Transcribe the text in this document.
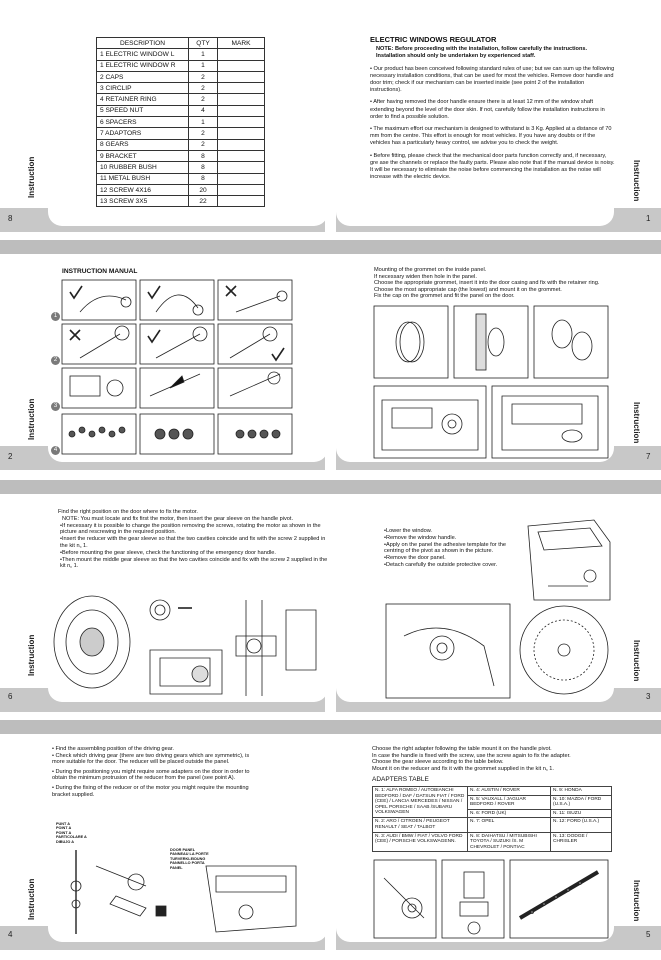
Instruction
8
DESCRIPTION	QTY	MARK
1 ELECTRIC WINDOW L	1	
1 ELECTRIC WINDOW R	1	
2 CAPS	2	
3 CIRCLIP	2	
4 RETAINER RING	2	
5 SPEED NUT	4	
6 SPACERS	1	
7 ADAPTORS	2	
8 GEARS	2	
9 BRACKET	8	
10 RUBBER BUSH	8	
11 METAL BUSH	8	
12 SCREW 4X16	20	
13 SCREW 3X5	22		Instruction
1
ELECTRIC WINDOWS REGULATOR

NOTE: Before proceeding with the installation, follow carefully the instructions. Installation should only be undertaken by experienced staff.

• Our product has been conceived following standard rules of use; but we can sum up the following necessary installation conditions, that can be used for most the vehicles. Remove door handle and door trim; check if our mechanism can be inserted inside (see point 2 of the installation instructions).

• After having removed the door handle ensure there is at least 12 mm of the window shaft extending beyond the level of the door skin. If not, carefully follow the installation instructions in order to find a possible solution.

• The maximum effort our mechanism is designed to withstand is 3 Kg. Applied at a distance of 70 mm from the centre. This effort is enough for most vehicles. If you have any doubts or if the vehicles has a particularly heavy control, we advise you to check the weight.

• Before fitting, please check that the mechanical door parts function correctly and, if necessary, gre ase the channels or replace the faulty parts. Please also note that if the manual device is noisy. It will be necessary to eliminate the noise before commencing the installation as the noise will increase with the electric device.

Instruction
2
INSTRUCTION MANUAL
1
2
3
4
Instruction
7
Mounting of the grommet on the inside panel.
If necessary widen then hole in the panel.
Choose the appropriate grommet, insert it into the door casing and fix with the retainer ring.
Choose the most appropriate cap (the lowest) and mount it on the grommet.
Fix the cap on the grommet and fit the panel on the door.
Instruction
6
Find the right position on the door where to fix the motor.
NOTE: You must locate and fix first the motor, then insert the gear sleeve on the handle pivot.
•If necessary it is possible to change the position removing the screws, rotating the motor as shown in the picture and rescrewing in the required position.
•Insert the reducer with the gear sleeve so that the two cavities coincide and fix with the screw 2 supplied in the kit n„ 1.
•Before mounting the gear sleeve, check the functioning of the emergency door handle.
•Then mount the middle gear sleeve so that the two cavities coincide and fix with the screw 2 supplied in the kit n„ 1.
Instruction
3
•Lower the window.
•Remove the window handle.
•Apply on the panel the adhesive template for the centring of the pivot as shown in the picture.
•Remove the door panel.
•Detach carefully the outside protective cover.
Instruction
4
• Find the assembling position of the driving gear.
• Check which driving gear (there are two driving gears which are symmetric), is more suitable for the door. The reducer will be placed outside the panel.
• During the positioning you might require some adapters on the door in order to obtain the minimum protrusion of the reducer from the panel (see point A).
• During the fixing of the reducer or of the motor you might require the mounting bracket supplied.
PUNT A
POINT A
POINT A
PARTICOLARE A
DIBUJO A
DOOR PANEL
PANNEAU LA PORTE
TURVERKLEIDUNG
PANNELLO PORTA
PANEL
Instruction
5
Choose the right adapter following the table mount it on the handle pivot.
In case the handle is fixed with the screw, use the screw again to fix the adapter.
Choose the gear sleeve according to the table below.
Mount it on the reducer and fix it with the grommet supplied in the kit n„ 1.
ADAPTERS TABLE
N. 1: ALFA ROMEO / AUTOBIANCHI BEDFORD / DAF / DATSUN FIAT / FORD (CEE) / LANCIA MERCEDES / NISSAN / OPEL PORSCHE / SAAB /SUBARU VOLKSWAGEN	N. 4: AUSTIN / ROVER	N. 9: HONDA
	N. 5: VAUXALL / JAGUAR BEDFORD / ROVER	N. 10: MAZDA / FORD (U.S.A.)
	N. 6: FORD (UK)	N. 11: ISUZU
N. 2: ARO / CITROEN / PEUGEOT RENAULT / SEAT / TALBOT	N. 7: OPEL	N. 12: FORD (U.S.A.)
N. 3: AUDI / BMW / FIAT / VOLVO FORD (CEE) / PORSCHE VOLKSWAGENN.	N. 8: DAIHATSU / MITSUBISHI TOYOTA / SUZUKI /S. M CHEVROLET / PONTIAC	N. 13: DODGE / CHRISLER
